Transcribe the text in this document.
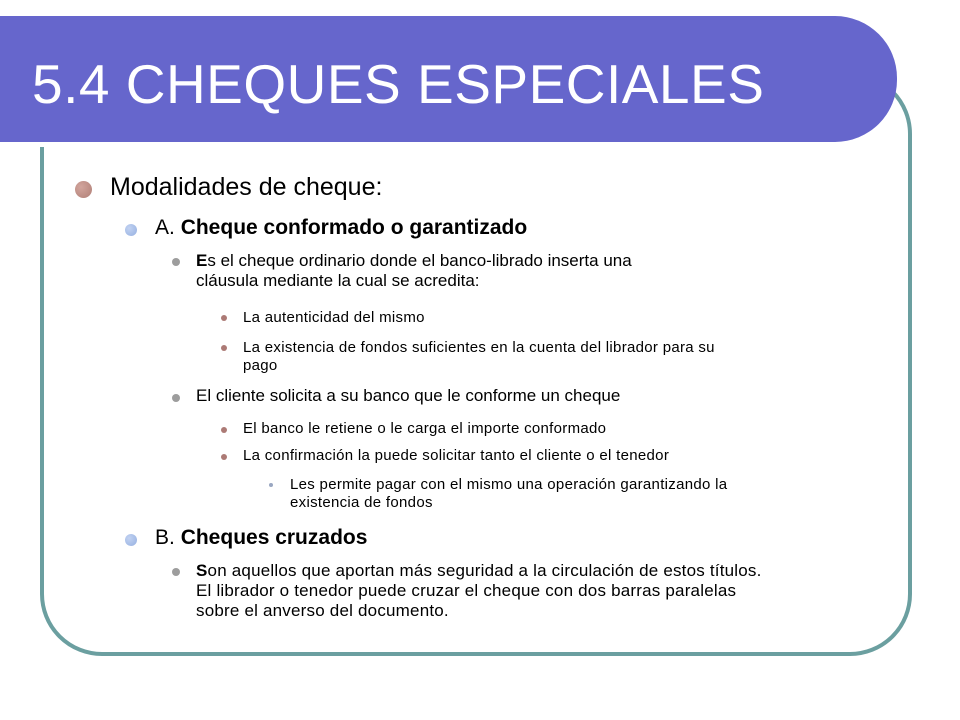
5.4 CHEQUES ESPECIALES
Modalidades de cheque:
A. Cheque conformado o garantizado
Es el cheque ordinario donde el banco-librado inserta una
cláusula mediante la cual se acredita:
La autenticidad del mismo
La existencia de fondos suficientes en la cuenta del librador para su
pago
El cliente solicita a su banco que le conforme un cheque
El banco le retiene o le carga el importe conformado
La confirmación la puede solicitar tanto el cliente o el tenedor
Les permite pagar con el mismo una operación garantizando la
existencia de fondos
B. Cheques cruzados
Son aquellos que aportan más seguridad a la circulación de estos títulos.
El librador o tenedor puede cruzar el cheque con dos barras paralelas
sobre el anverso del documento.
